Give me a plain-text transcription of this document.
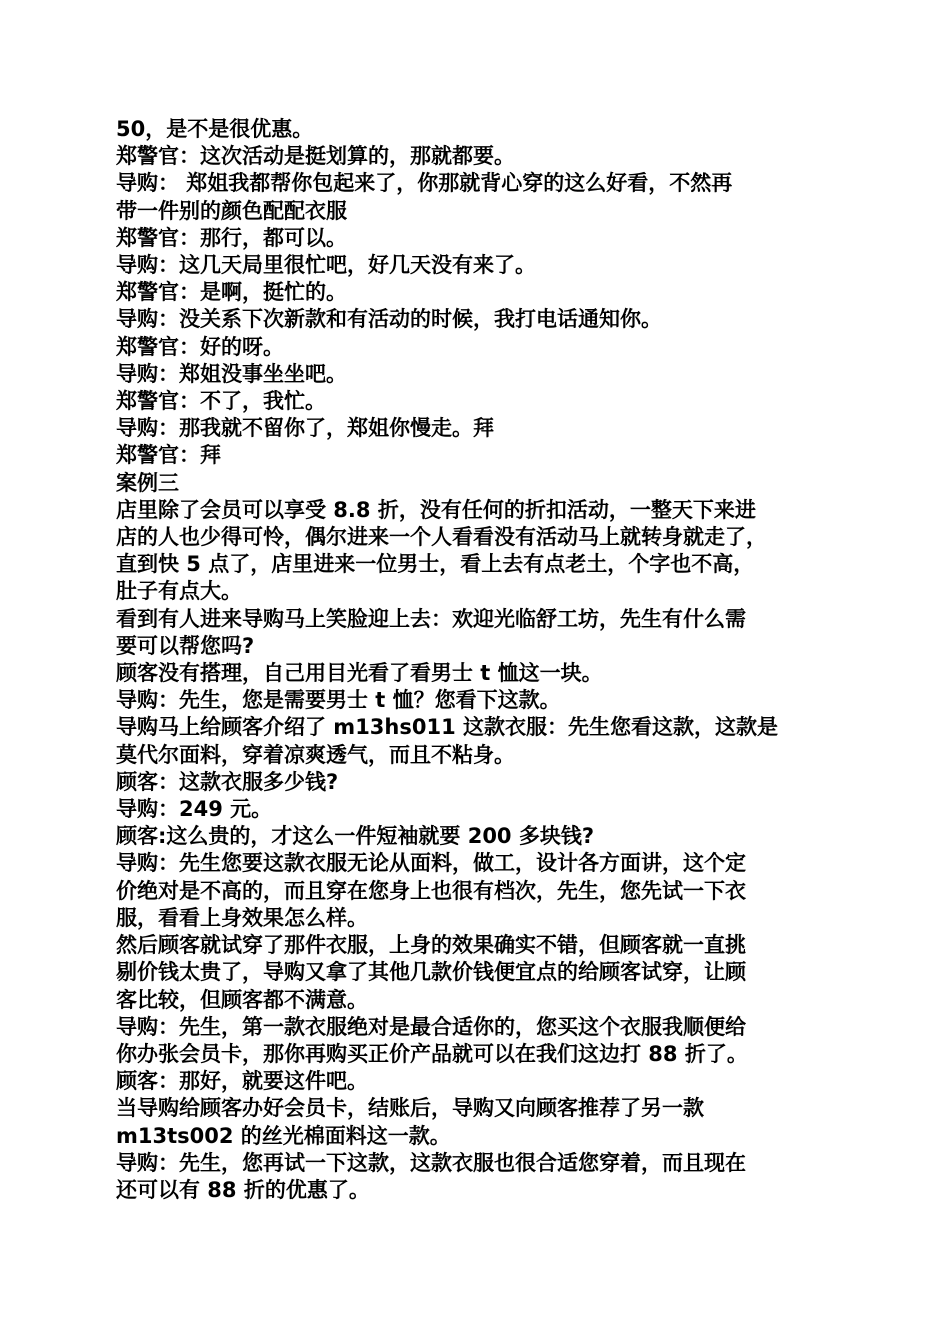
50，是不是很优惠。
郑警官：这次活动是挺划算的，那就都要。
导购： 郑姐我都帮你包起来了，你那就背心穿的这么好看，不然再
带一件别的颜色配配衣服
郑警官：那行，都可以。
导购：这几天局里很忙吧，好几天没有来了。
郑警官：是啊，挺忙的。
导购：没关系下次新款和有活动的时候，我打电话通知你。
郑警官：好的呀。
导购：郑姐没事坐坐吧。
郑警官：不了，我忙。
导购：那我就不留你了，郑姐你慢走。拜
郑警官：拜
案例三
店里除了会员可以享受 8.8 折，没有任何的折扣活动，一整天下来进
店的人也少得可怜，偶尔进来一个人看看没有活动马上就转身就走了，
直到快 5 点了，店里进来一位男士，看上去有点老土，个字也不高，
肚子有点大。
看到有人进来导购马上笑脸迎上去：欢迎光临舒工坊，先生有什么需
要可以帮您吗?
顾客没有搭理，自己用目光看了看男士 t 恤这一块。
导购：先生，您是需要男士 t 恤？您看下这款。
导购马上给顾客介绍了 m13hs011 这款衣服：先生您看这款，这款是
莫代尔面料，穿着凉爽透气，而且不粘身。
顾客：这款衣服多少钱?
导购：249 元。
顾客:这么贵的，才这么一件短袖就要 200 多块钱?
导购：先生您要这款衣服无论从面料，做工，设计各方面讲，这个定
价绝对是不高的，而且穿在您身上也很有档次，先生，您先试一下衣
服，看看上身效果怎么样。
然后顾客就试穿了那件衣服，上身的效果确实不错，但顾客就一直挑
剔价钱太贵了，导购又拿了其他几款价钱便宜点的给顾客试穿，让顾
客比较，但顾客都不满意。
导购：先生，第一款衣服绝对是最合适你的，您买这个衣服我顺便给
你办张会员卡，那你再购买正价产品就可以在我们这边打 88 折了。
顾客：那好，就要这件吧。
当导购给顾客办好会员卡，结账后，导购又向顾客推荐了另一款
m13ts002 的丝光棉面料这一款。
导购：先生，您再试一下这款，这款衣服也很合适您穿着，而且现在
还可以有 88 折的优惠了。
